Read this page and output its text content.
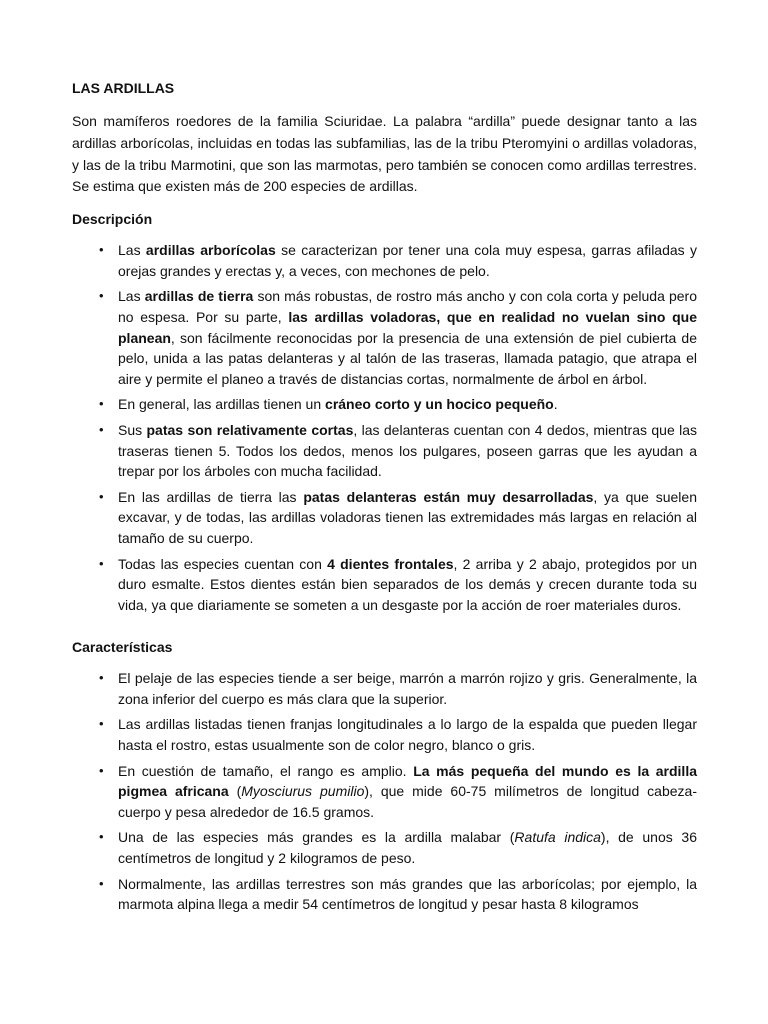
LAS ARDILLAS

Son mamíferos roedores de la familia Sciuridae. La palabra “ardilla” puede designar tanto a las ardillas arborícolas, incluidas en todas las subfamilias, las de la tribu Pteromyini o ardillas voladoras, y las de la tribu Marmotini, que son las marmotas, pero también se conocen como ardillas terrestres. Se estima que existen más de 200 especies de ardillas.

Descripción
• Las ardillas arborícolas se caracterizan por tener una cola muy espesa, garras afiladas y orejas grandes y erectas y, a veces, con mechones de pelo.
• Las ardillas de tierra son más robustas, de rostro más ancho y con cola corta y peluda pero no espesa. Por su parte, las ardillas voladoras, que en realidad no vuelan sino que planean, son fácilmente reconocidas por la presencia de una extensión de piel cubierta de pelo, unida a las patas delanteras y al talón de las traseras, llamada patagio, que atrapa el aire y permite el planeo a través de distancias cortas, normalmente de árbol en árbol.
• En general, las ardillas tienen un cráneo corto y un hocico pequeño.
• Sus patas son relativamente cortas, las delanteras cuentan con 4 dedos, mientras que las traseras tienen 5. Todos los dedos, menos los pulgares, poseen garras que les ayudan a trepar por los árboles con mucha facilidad.
• En las ardillas de tierra las patas delanteras están muy desarrolladas, ya que suelen excavar, y de todas, las ardillas voladoras tienen las extremidades más largas en relación al tamaño de su cuerpo.
• Todas las especies cuentan con 4 dientes frontales, 2 arriba y 2 abajo, protegidos por un duro esmalte. Estos dientes están bien separados de los demás y crecen durante toda su vida, ya que diariamente se someten a un desgaste por la acción de roer materiales duros.
Características
• El pelaje de las especies tiende a ser beige, marrón a marrón rojizo y gris. Generalmente, la zona inferior del cuerpo es más clara que la superior.
• Las ardillas listadas tienen franjas longitudinales a lo largo de la espalda que pueden llegar hasta el rostro, estas usualmente son de color negro, blanco o gris.
• En cuestión de tamaño, el rango es amplio. La más pequeña del mundo es la ardilla pigmea africana (Myosciurus pumilio), que mide 60-75 milímetros de longitud cabeza-cuerpo y pesa alrededor de 16.5 gramos.
• Una de las especies más grandes es la ardilla malabar (Ratufa indica), de unos 36 centímetros de longitud y 2 kilogramos de peso.
• Normalmente, las ardillas terrestres son más grandes que las arborícolas; por ejemplo, la marmota alpina llega a medir 54 centímetros de longitud y pesar hasta 8 kilogramos
